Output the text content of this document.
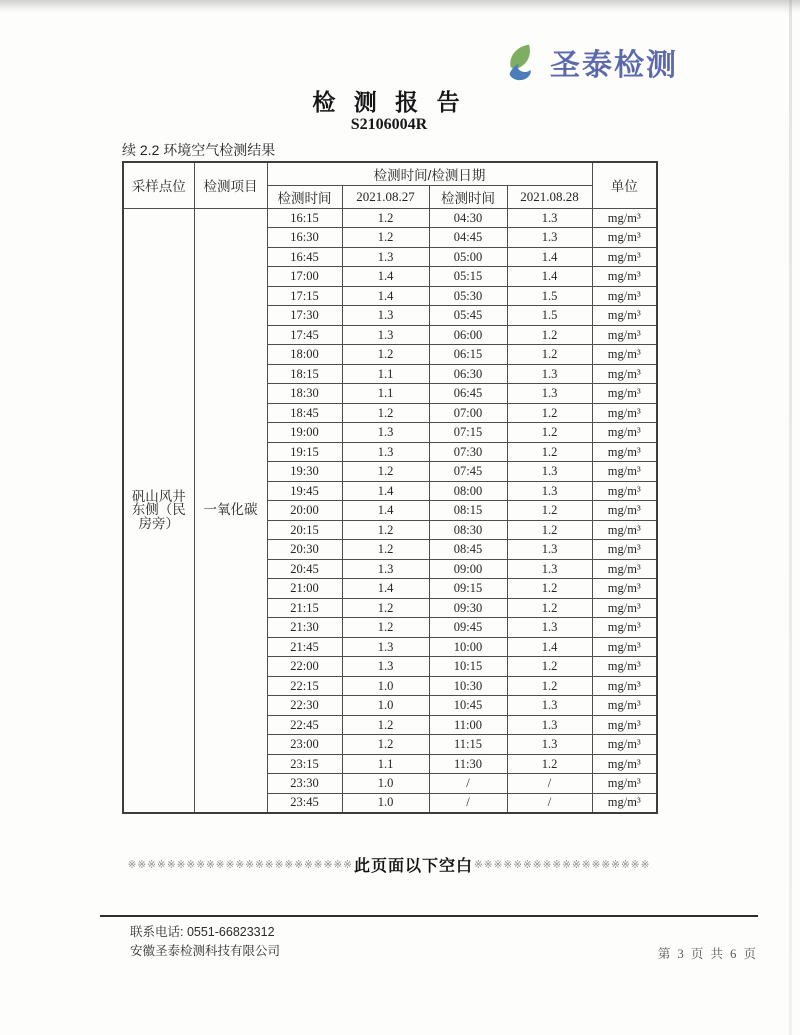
圣泰检测
检 测 报 告
S2106004R
续 2.2 环境空气检测结果
采样点位	检测项目	检测时间/检测日期				单位
		检测时间	2021.08.27	检测时间	2021.08.28	
矾山风井东侧（民房旁）	一氧化碳	16:15	1.2	04:30	1.3	mg/m³
		16:30	1.2	04:45	1.3	mg/m³
		16:45	1.3	05:00	1.4	mg/m³
		17:00	1.4	05:15	1.4	mg/m³
		17:15	1.4	05:30	1.5	mg/m³
		17:30	1.3	05:45	1.5	mg/m³
		17:45	1.3	06:00	1.2	mg/m³
		18:00	1.2	06:15	1.2	mg/m³
		18:15	1.1	06:30	1.3	mg/m³
		18:30	1.1	06:45	1.3	mg/m³
		18:45	1.2	07:00	1.2	mg/m³
		19:00	1.3	07:15	1.2	mg/m³
		19:15	1.3	07:30	1.2	mg/m³
		19:30	1.2	07:45	1.3	mg/m³
		19:45	1.4	08:00	1.3	mg/m³
		20:00	1.4	08:15	1.2	mg/m³
		20:15	1.2	08:30	1.2	mg/m³
		20:30	1.2	08:45	1.3	mg/m³
		20:45	1.3	09:00	1.3	mg/m³
		21:00	1.4	09:15	1.2	mg/m³
		21:15	1.2	09:30	1.2	mg/m³
		21:30	1.2	09:45	1.3	mg/m³
		21:45	1.3	10:00	1.4	mg/m³
		22:00	1.3	10:15	1.2	mg/m³
		22:15	1.0	10:30	1.2	mg/m³
		22:30	1.0	10:45	1.3	mg/m³
		22:45	1.2	11:00	1.3	mg/m³
		23:00	1.2	11:15	1.3	mg/m³
		23:15	1.1	11:30	1.2	mg/m³
		23:30	1.0	/	/	mg/m³
		23:45	1.0	/	/	mg/m³
※※※※※※※※※※※※※※※※※※※※※※※ 此页面以下空白 ※※※※※※※※※※※※※※※※※※
联系电话: 0551-66823312
安徽圣泰检测科技有限公司	第 3 页 共 6 页
